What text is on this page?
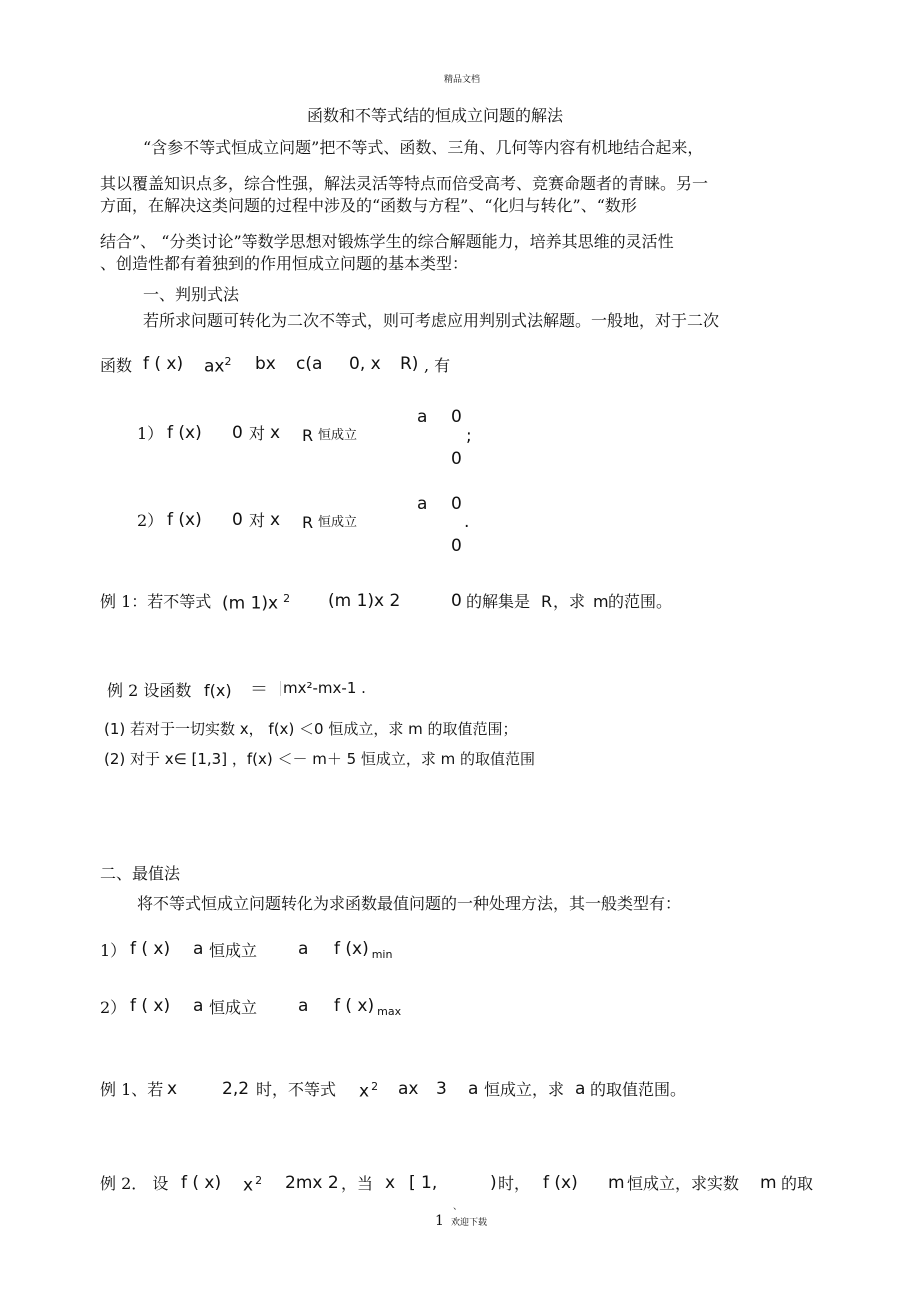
精品文档
函数和不等式结的恒成立问题的解法
“含参不等式恒成立问题”把不等式、函数、三角、几何等内容有机地结合起来，
其以覆盖知识点多，综合性强，解法灵活等特点而倍受高考、竞赛命题者的青睐。另一
方面，在解决这类问题的过程中涉及的“函数与方程”、“化归与转化”、“数形
结合”、 “分类讨论”等数学思想对锻炼学生的综合解题能力，培养其思维的灵活性
、创造性都有着独到的作用恒成立问题的基本类型：
一、判别式法
若所求问题可转化为二次不等式，则可考虑应用判别式法解题。一般地，对于二次
函数 f ( x) $ax^2$ bx c(a 0, x R) , 有
1） f (x) 0 对 x R 恒成立
a 0
;
0
2） f (x) 0 对 x R 恒成立
a 0
.
0
例 1：若不等式 (m 1)x $^2$ (m 1)x 2	0 的解集是 R ，求 m 的范围。
例 2 设函数 f(x) ＝ mx²-mx-1 .
(1) 若对于一切实数 x， f(x) ＜0 恒成立，求 m 的取值范围；
(2) 对于 x∈ [1,3] ，f(x) ＜－ m＋ 5 恒成立，求 m 的取值范围
二、最值法
将不等式恒成立问题转化为求函数最值问题的一种处理方法，其一般类型有：
1） f ( x) a 恒成立 a f (x) $_{min}$
2） f ( x) a 恒成立 a f ( x) $_{max}$
例 1、若 x	2,2 时，不等式 x $^2$ ax 3 a 恒成立，求 a 的取值范围。
例 2． 设 f ( x) x $^2$ 2mx 2 ，当 x [ 1,	) 时， f (x) m 恒成立，求实数 m 的取
、
1 欢迎下载
